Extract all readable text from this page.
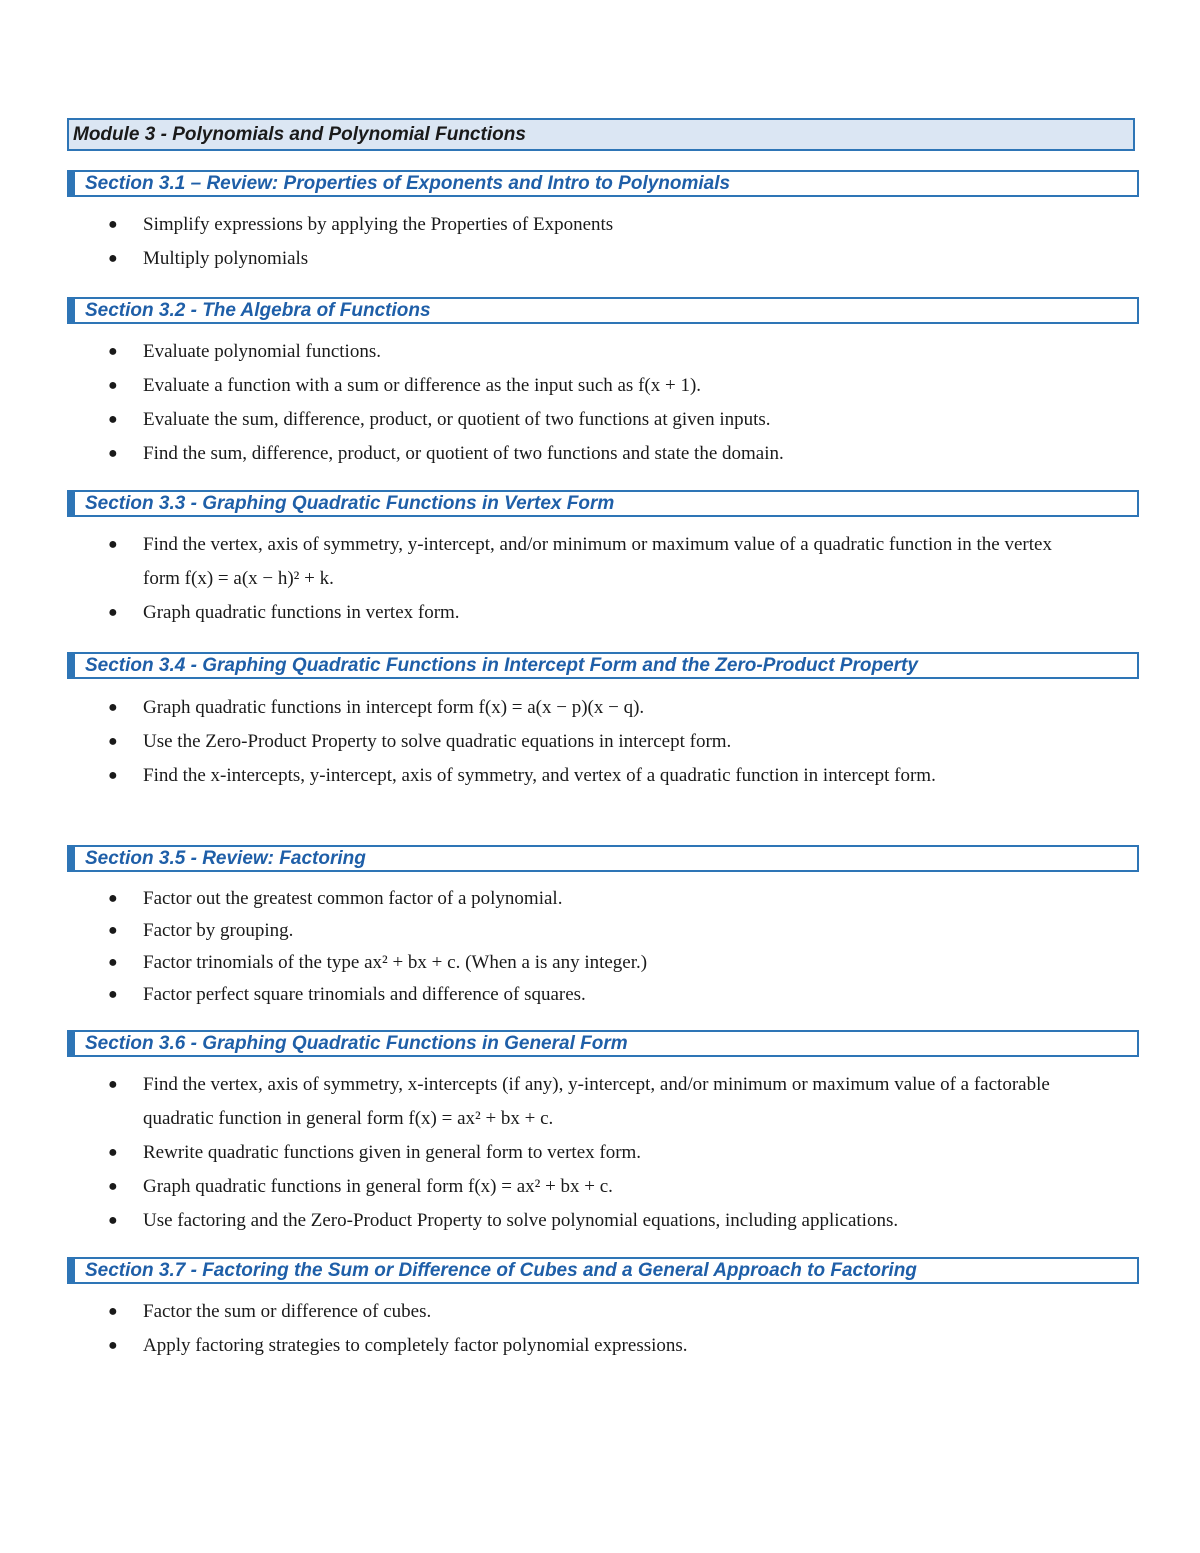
Module 3 - Polynomials and Polynomial Functions
Section 3.1 – Review: Properties of Exponents and Intro to Polynomials
● Simplify expressions by applying the Properties of Exponents
● Multiply polynomials
Section 3.2 - The Algebra of Functions
● Evaluate polynomial functions.
● Evaluate a function with a sum or difference as the input such as f(x + 1).
● Evaluate the sum, difference, product, or quotient of two functions at given inputs.
● Find the sum, difference, product, or quotient of two functions and state the domain.
Section 3.3 - Graphing Quadratic Functions in Vertex Form
● Find the vertex, axis of symmetry, y-intercept, and/or minimum or maximum value of a quadratic function in the vertex form f(x) = a(x − h)² + k.
● Graph quadratic functions in vertex form.
Section 3.4 - Graphing Quadratic Functions in Intercept Form and the Zero-Product Property
● Graph quadratic functions in intercept form f(x) = a(x − p)(x − q).
● Use the Zero-Product Property to solve quadratic equations in intercept form.
● Find the x-intercepts, y-intercept, axis of symmetry, and vertex of a quadratic function in intercept form.
Section 3.5 - Review: Factoring
● Factor out the greatest common factor of a polynomial.
● Factor by grouping.
● Factor trinomials of the type ax² + bx + c. (When a is any integer.)
● Factor perfect square trinomials and difference of squares.
Section 3.6 - Graphing Quadratic Functions in General Form
● Find the vertex, axis of symmetry, x-intercepts (if any), y-intercept, and/or minimum or maximum value of a factorable quadratic function in general form f(x) = ax² + bx + c.
● Rewrite quadratic functions given in general form to vertex form.
● Graph quadratic functions in general form f(x) = ax² + bx + c.
● Use factoring and the Zero-Product Property to solve polynomial equations, including applications.
Section 3.7 - Factoring the Sum or Difference of Cubes and a General Approach to Factoring
● Factor the sum or difference of cubes.
● Apply factoring strategies to completely factor polynomial expressions.
